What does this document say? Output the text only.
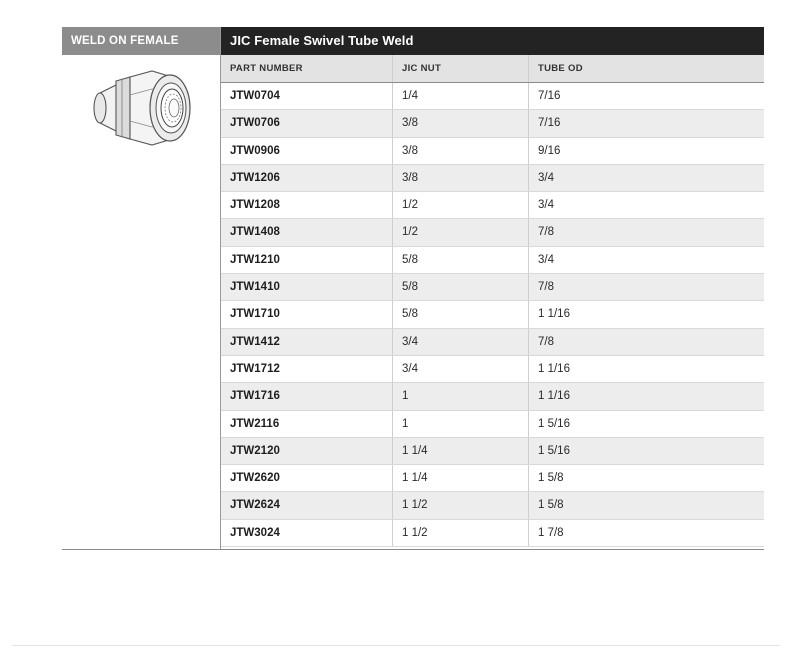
WELD ON FEMALE	JIC Female Swivel Tube Weld
PART NUMBER	JIC NUT	TUBE OD
JTW0704	1/4	7/16
JTW0706	3/8	7/16
JTW0906	3/8	9/16
JTW1206	3/8	3/4
JTW1208	1/2	3/4
JTW1408	1/2	7/8
JTW1210	5/8	3/4
JTW1410	5/8	7/8
JTW1710	5/8	1 1/16
JTW1412	3/4	7/8
JTW1712	3/4	1 1/16
JTW1716	1	1 1/16
JTW2116	1	1 5/16
JTW2120	1 1/4	1 5/16
JTW2620	1 1/4	1 5/8
JTW2624	1 1/2	1 5/8
JTW3024	1 1/2	1 7/8
